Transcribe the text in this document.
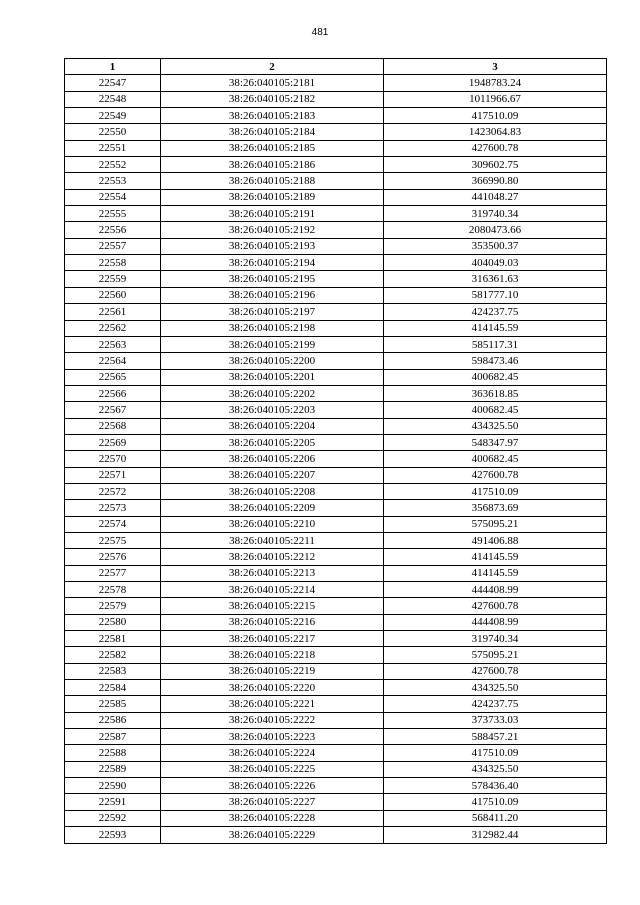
481
1	2	3
22547	38:26:040105:2181	1948783.24
22548	38:26:040105:2182	1011966.67
22549	38:26:040105:2183	417510.09
22550	38:26:040105:2184	1423064.83
22551	38:26:040105:2185	427600.78
22552	38:26:040105:2186	309602.75
22553	38:26:040105:2188	366990.80
22554	38:26:040105:2189	441048.27
22555	38:26:040105:2191	319740.34
22556	38:26:040105:2192	2080473.66
22557	38:26:040105:2193	353500.37
22558	38:26:040105:2194	404049.03
22559	38:26:040105:2195	316361.63
22560	38:26:040105:2196	581777.10
22561	38:26:040105:2197	424237.75
22562	38:26:040105:2198	414145.59
22563	38:26:040105:2199	585117.31
22564	38:26:040105:2200	598473.46
22565	38:26:040105:2201	400682.45
22566	38:26:040105:2202	363618.85
22567	38:26:040105:2203	400682.45
22568	38:26:040105:2204	434325.50
22569	38:26:040105:2205	548347.97
22570	38:26:040105:2206	400682.45
22571	38:26:040105:2207	427600.78
22572	38:26:040105:2208	417510.09
22573	38:26:040105:2209	356873.69
22574	38:26:040105:2210	575095.21
22575	38:26:040105:2211	491406.88
22576	38:26:040105:2212	414145.59
22577	38:26:040105:2213	414145.59
22578	38:26:040105:2214	444408.99
22579	38:26:040105:2215	427600.78
22580	38:26:040105:2216	444408.99
22581	38:26:040105:2217	319740.34
22582	38:26:040105:2218	575095.21
22583	38:26:040105:2219	427600.78
22584	38:26:040105:2220	434325.50
22585	38:26:040105:2221	424237.75
22586	38:26:040105:2222	373733.03
22587	38:26:040105:2223	588457.21
22588	38:26:040105:2224	417510.09
22589	38:26:040105:2225	434325.50
22590	38:26:040105:2226	578436.40
22591	38:26:040105:2227	417510.09
22592	38:26:040105:2228	568411.20
22593	38:26:040105:2229	312982.44
